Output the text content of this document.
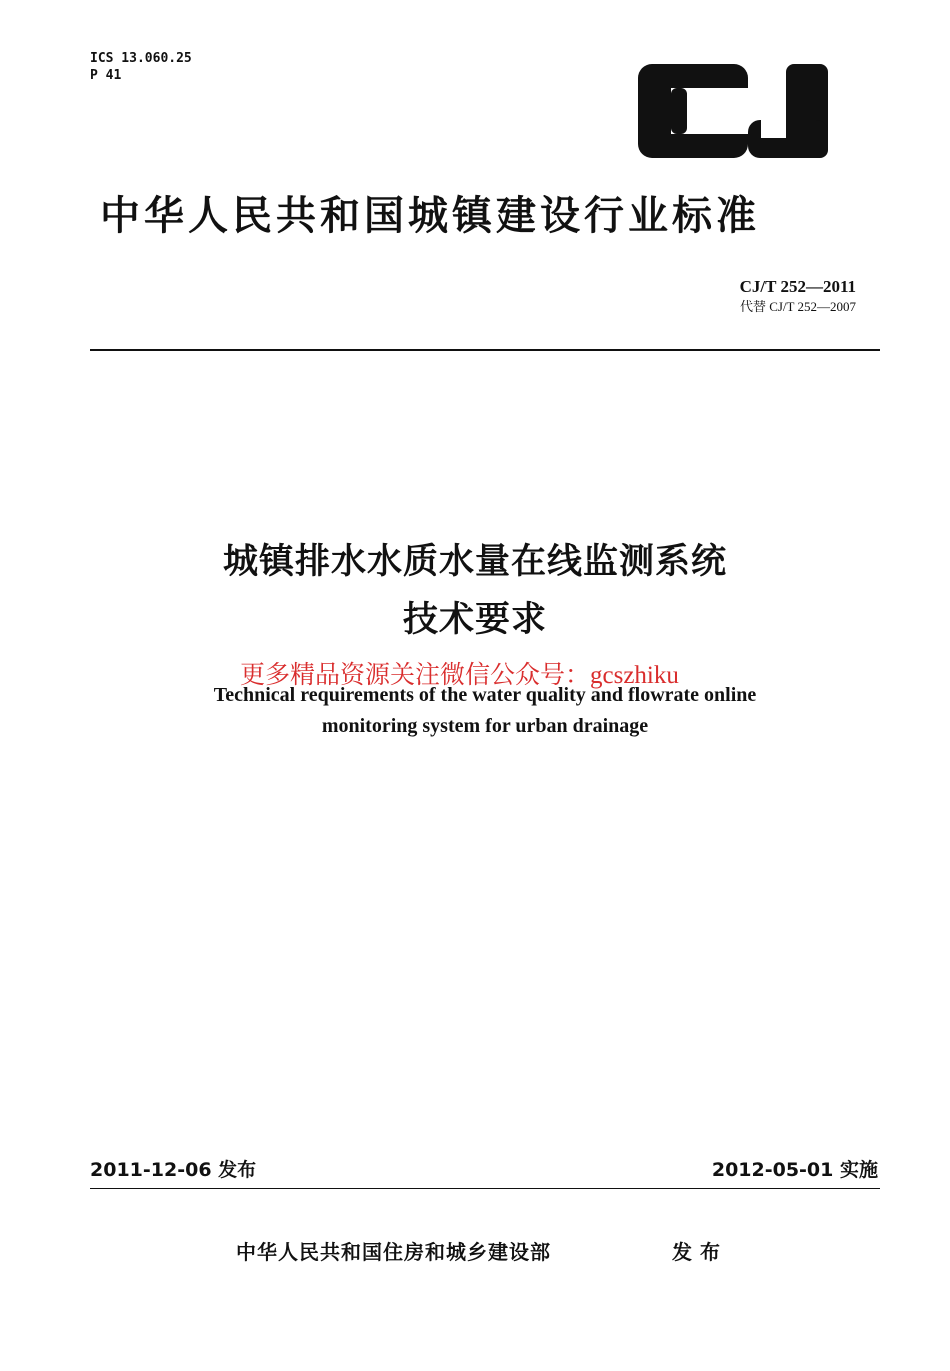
ICS 13.060.25
P 41
中华人民共和国城镇建设行业标准
CJ/T 252—2011
代替 CJ/T 252—2007
城镇排水水质水量在线监测系统
技术要求
Technical requirements of the water quality and flowrate online
monitoring system for urban drainage
更多精品资源关注微信公众号：gcszhiku
2011-12-06 发布	2012-05-01 实施
中华人民共和国住房和城乡建设部	发布
